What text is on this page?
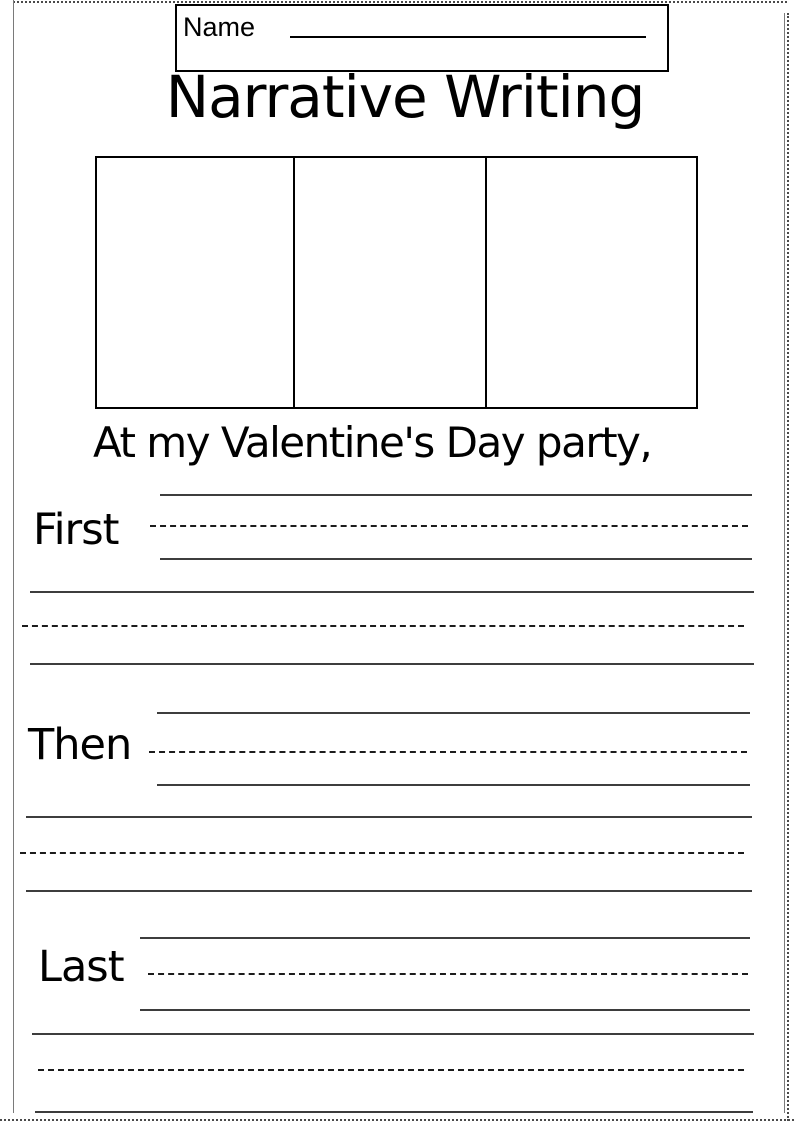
Name
Narrative Writing
At my Valentine's Day party,
First
Then
Last
